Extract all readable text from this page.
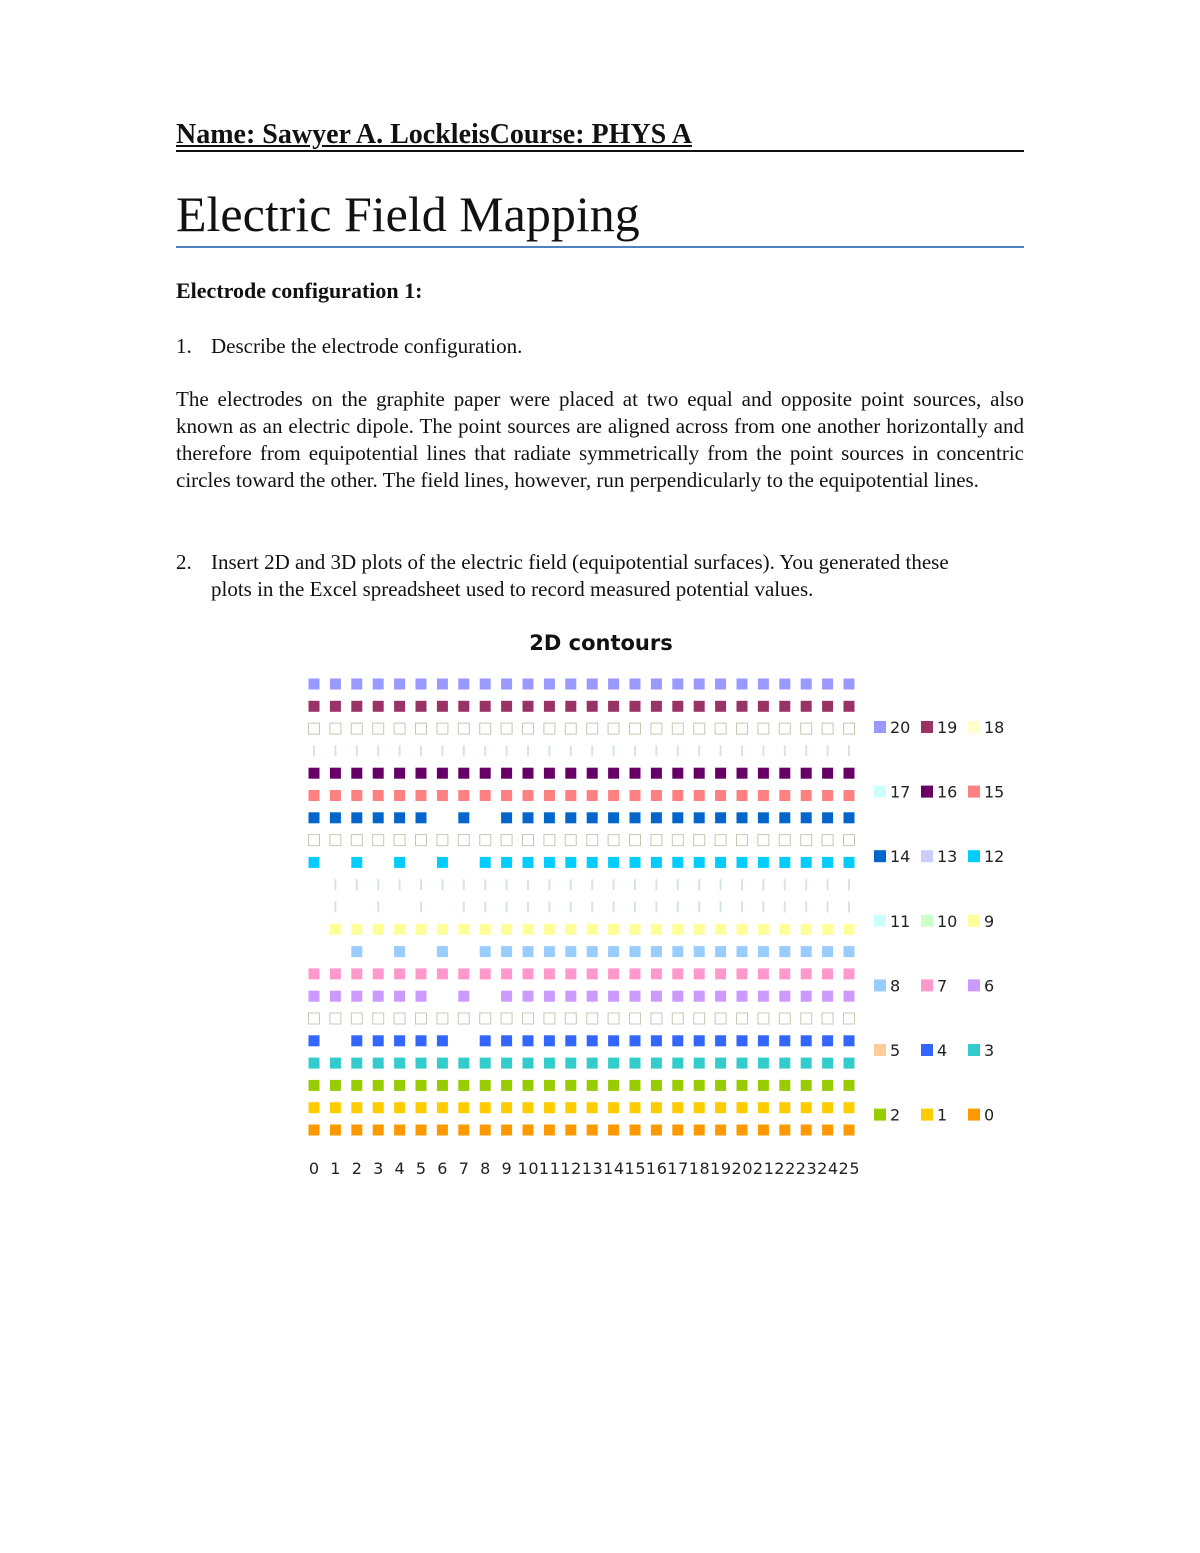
Name: Sawyer A. LockleisCourse: PHYS A
Electric Field Mapping
Electrode configuration 1:
1. Describe the electrode configuration.
The electrodes on the graphite paper were placed at two equal and opposite point sources, also known as an electric dipole. The point sources are aligned across from one another horizontally and therefore from equipotential lines that radiate symmetrically from the point sources in concentric circles toward the other. The field lines, however, run perpendicularly to the equipotential lines.
2. Insert 2D and 3D plots of the electric field (equipotential surfaces). You generated these plots in the Excel spreadsheet used to record measured potential values.
2D contours
0 1 2 3 4 5 6 7 8 9 10 11 12 13 14 15 16 17 18 19 20 21 22 23 24 25
20 19 18
17 16 15
14 13 12
11 10 9
8 7 6
5 4 3
2 1 0
